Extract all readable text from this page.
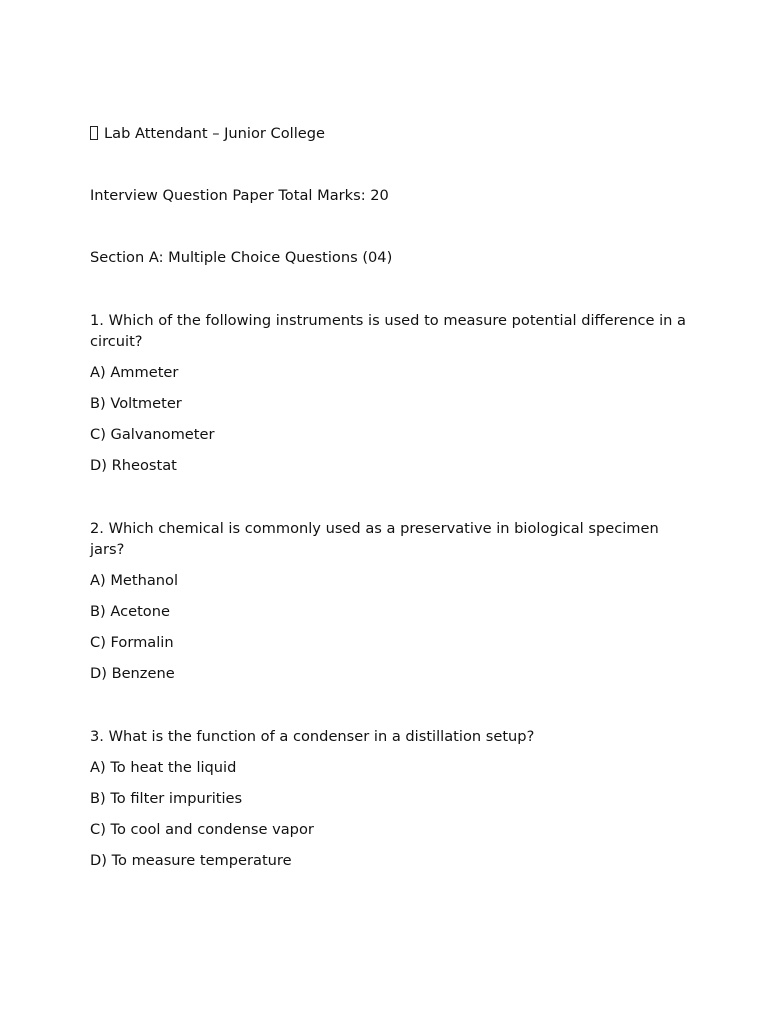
Lab Attendant – Junior College

Interview Question Paper Total Marks: 20

Section A: Multiple Choice Questions (04)

1. Which of the following instruments is used to measure potential difference in a circuit?

A) Ammeter

B) Voltmeter

C) Galvanometer

D) Rheostat

2. Which chemical is commonly used as a preservative in biological specimen jars?

A) Methanol

B) Acetone

C) Formalin

D) Benzene

3. What is the function of a condenser in a distillation setup?

A) To heat the liquid

B) To filter impurities

C) To cool and condense vapor

D) To measure temperature
